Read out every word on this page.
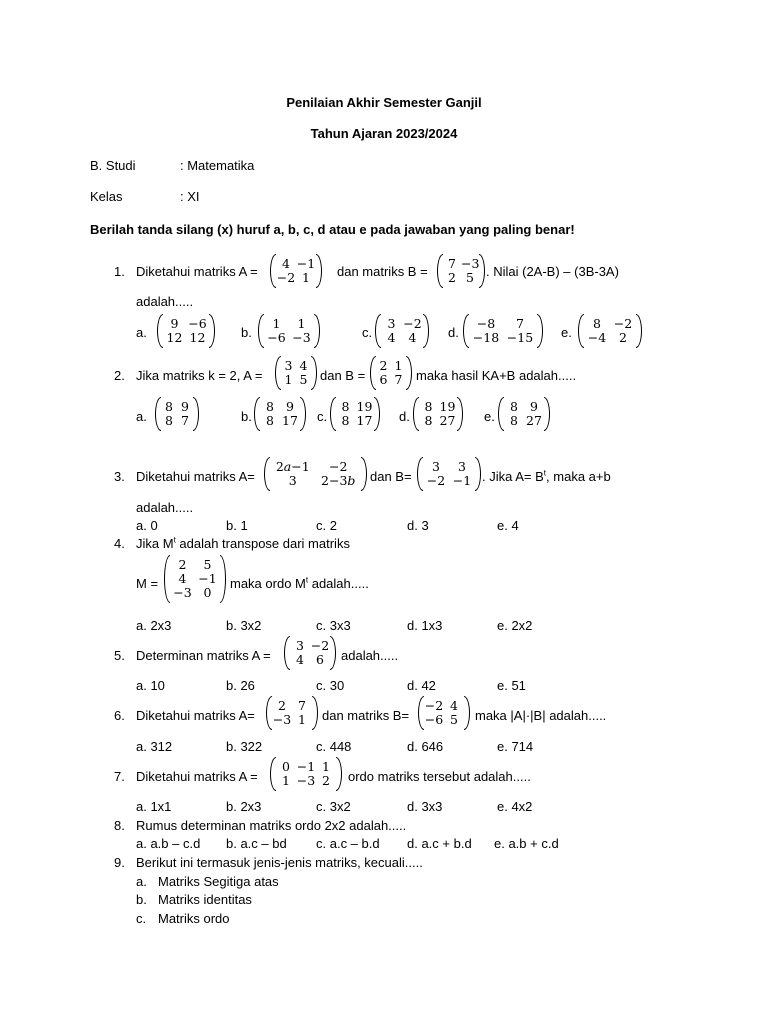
Penilaian Akhir Semester Ganjil
Tahun Ajaran 2023/2024
B. Studi	: Matematika
Kelas	: XI
Berilah tanda silang (x) huruf a, b, c, d atau e pada jawaban yang paling benar!
1. Diketahui matriks A =
4 −1
−2 1	dan matriks B =
7 −3
2 5 . Nilai (2A-B) – (3B-3A)
adalah.....
a.
9 −6
12 12	b.
1	1
−6 −3	c.
3 −2
4	4	d.
−8	7
−18 −15 e.
8	−2
−4	2
2. Jika matriks k = 2, A =
3 4
1 5 dan B =
2 1
6 7 maka hasil KA+B adalah.....
a.
8 9
8 7	b.
8 9
8 17 c.
8 19
8 17 d.
8 19
8 27 e.
8 9
8 27
3. Diketahui matriks A=
2𝑎−1	−2
3	2−3𝑏	dan B=
3	3
−2 −1 . Jika $A= B^t$, maka a+b
adalah.....
a. 0	b. 1	c. 2	d. 3	e. 4
4. Jika $M^t$ adalah transpose dari matriks
M =
2	5
4 −1
−3 0
maka ordo $M^t$ adalah.....
a. 2x3	b. 3x2	c. 3x3	d. 1x3	e. 2x2
5. Determinan matriks A =
3 −2
4 6	adalah.....
a. 10	b. 26	c. 30	d. 42	e. 51
6. Diketahui matriks A=
2 7
−3 1	dan matriks B=
−2 4
−6 5	maka |A|·|B| adalah.....
a. 312	b. 322	c. 448	d. 646	e. 714
7. Diketahui matriks A =
0 −1 1
1 −3 2	ordo matriks tersebut adalah.....
a. 1x1	b. 2x3	c. 3x2	d. 3x3	e. 4x2
8. Rumus determinan matriks ordo 2x2 adalah.....
a. a.b – c.d b. a.c – bd c. a.c – b.d d. a.c + b.d e. a.b + c.d
9. Berikut ini termasuk jenis-jenis matriks, kecuali.....
a. Matriks Segitiga atas
b. Matriks identitas
c. Matriks ordo
